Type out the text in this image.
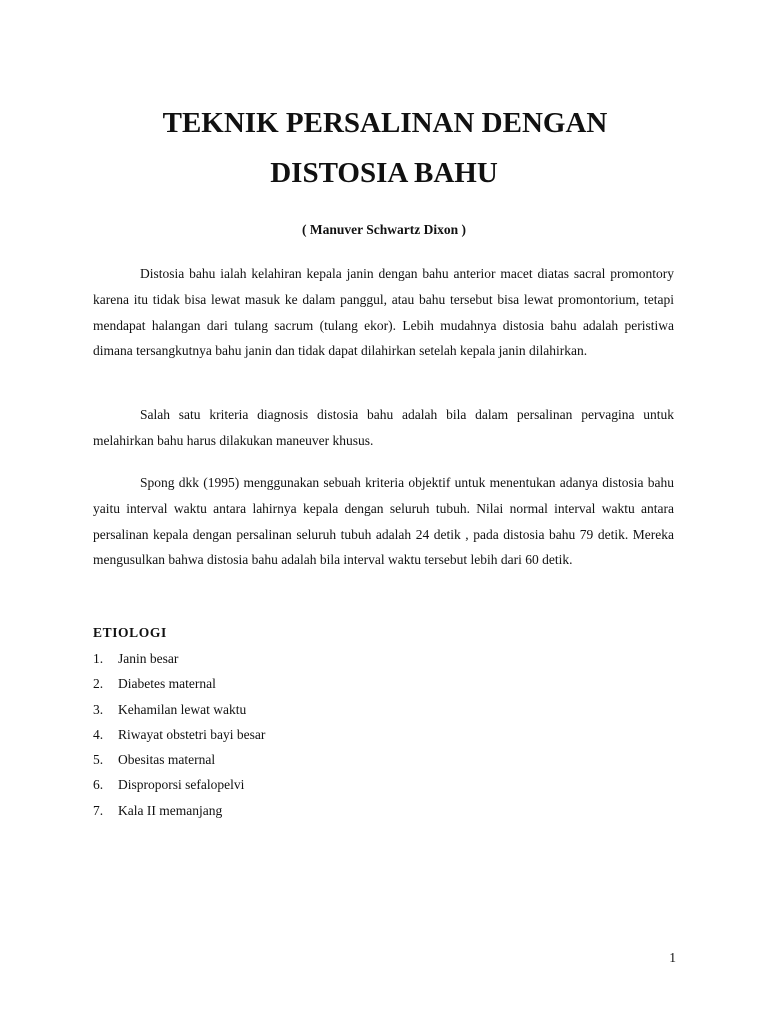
TEKNIK PERSALINAN DENGAN
DISTOSIA BAHU

( Manuver Schwartz Dixon )

Distosia bahu ialah kelahiran kepala janin dengan bahu anterior macet diatas sacral promontory karena itu tidak bisa lewat masuk ke dalam panggul, atau bahu tersebut bisa lewat promontorium, tetapi mendapat halangan dari tulang sacrum (tulang ekor). Lebih mudahnya distosia bahu adalah peristiwa dimana tersangkutnya bahu janin dan tidak dapat dilahirkan setelah kepala janin dilahirkan.

Salah satu kriteria diagnosis distosia bahu adalah bila dalam persalinan pervagina untuk melahirkan bahu harus dilakukan maneuver khusus.

Spong dkk (1995) menggunakan sebuah kriteria objektif untuk menentukan adanya distosia bahu yaitu interval waktu antara lahirnya kepala dengan seluruh tubuh. Nilai normal interval waktu antara persalinan kepala dengan persalinan seluruh tubuh adalah 24 detik , pada distosia bahu 79 detik. Mereka mengusulkan bahwa distosia bahu adalah bila interval waktu tersebut lebih dari 60 detik.

ETIOLOGI
1.	Janin besar
2.	Diabetes maternal
3.	Kehamilan lewat waktu
4.	Riwayat obstetri bayi besar
5.	Obesitas maternal
6.	Disproporsi sefalopelvi
7.	Kala II memanjang

1
